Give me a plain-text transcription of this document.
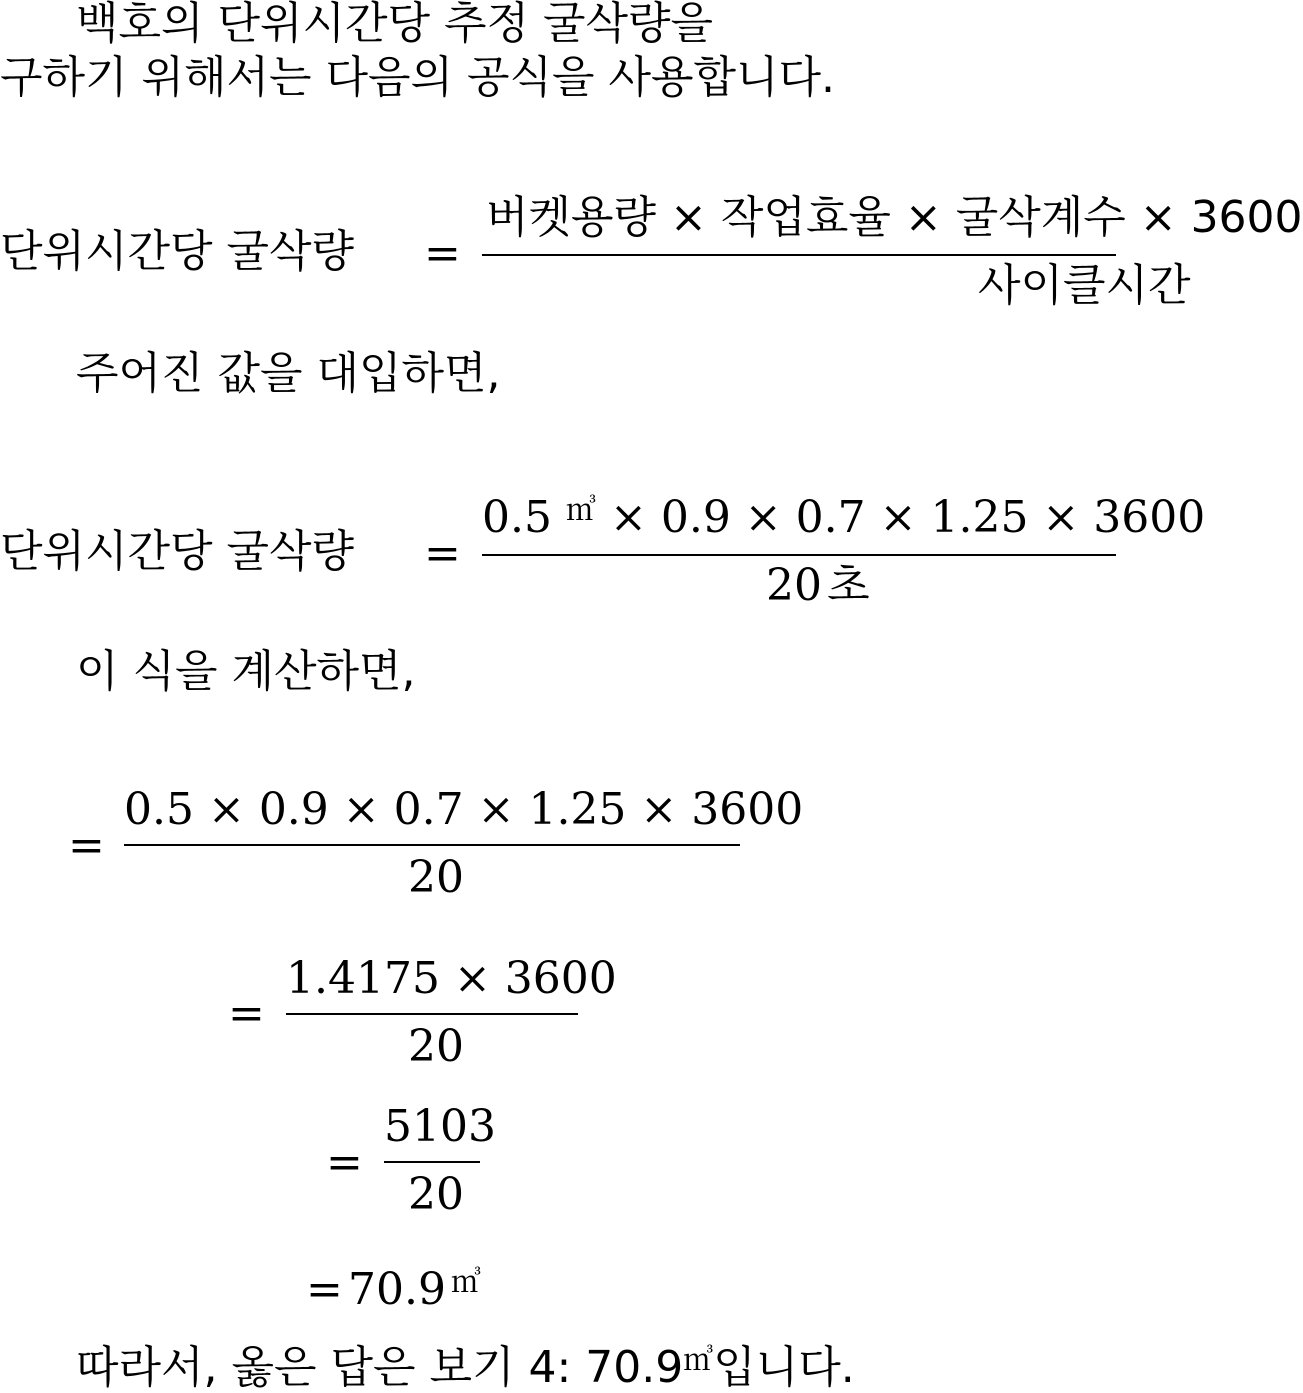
백호의 단위시간당 추정 굴삭량을
구하기 위해서는 다음의 공식을 사용합니다.
단위시간당 굴삭량 =
버켓용량 × 작업효율 × 굴삭계수 × 3600
사이클시간
주어진 값을 대입하면,
단위시간당 굴삭량 =
0.5 ㎥ × 0.9 × 0.7 × 1.25 × 3600
20 초
이 식을 계산하면,
=
0.5 × 0.9 × 0.7 × 1.25 × 3600
20
=
1.4175 × 3600
20
=
5103
20
= 70.9 ㎥
따라서, 옳은 답은 보기 4: 70.9㎥입니다.
